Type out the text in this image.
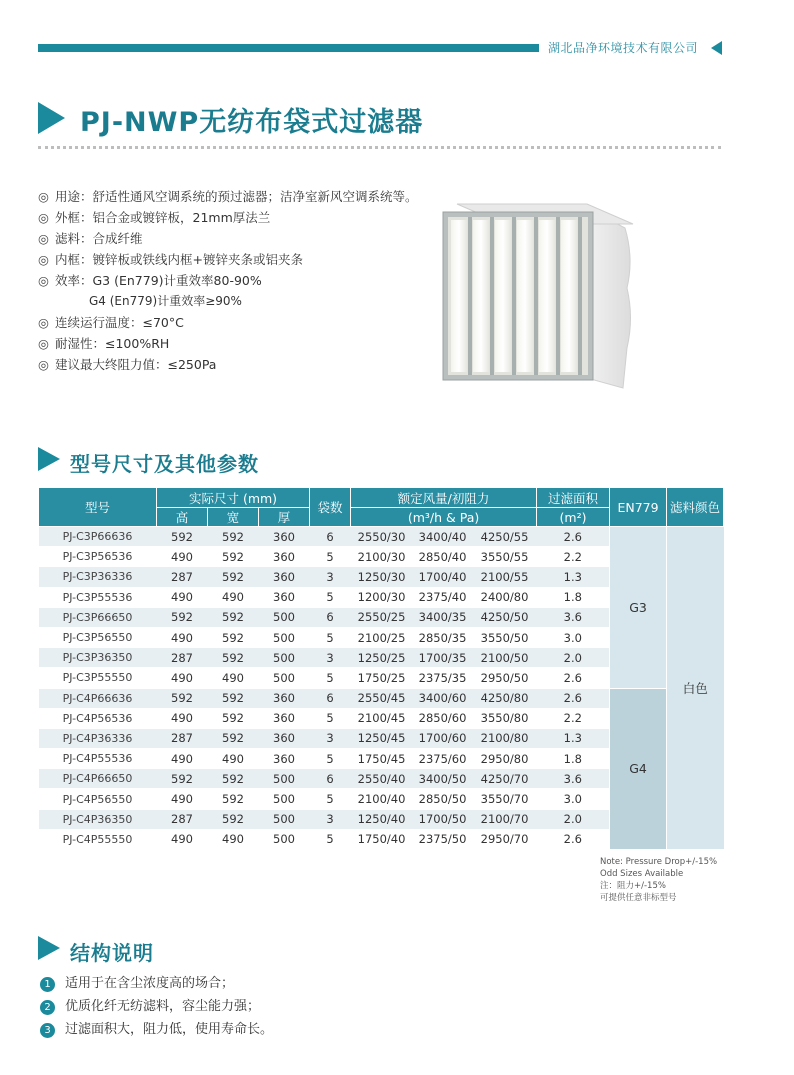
湖北品净环境技术有限公司
PJ-NWP无纺布袋式过滤器
◎ 用途：舒适性通风空调系统的预过滤器；洁净室新风空调系统等。
◎ 外框：铝合金或镀锌板，21mm厚法兰
◎ 滤料：合成纤维
◎ 内框：镀锌板或铁线内框+镀锌夹条或铝夹条
◎ 效率：G3 (En779)计重效率80-90%
G4 (En779)计重效率≥90%
◎ 连续运行温度：≤70°C
◎ 耐湿性：≤100%RH
◎ 建议最大终阻力值：≤250Pa
型号尺寸及其他参数
型号	实际尺寸 (mm)			袋数	额定风量/初阻力			过滤面积	EN779	滤料颜色
	高	宽	厚		(m³/h & Pa)			(m²)		
PJ-C3P66636	592	592	360	6	2550/30	3400/40	4250/55	2.6	G3	白色
PJ-C3P56536	490	592	360	5	2100/30	2850/40	3550/55	2.2		
PJ-C3P36336	287	592	360	3	1250/30	1700/40	2100/55	1.3		
PJ-C3P55536	490	490	360	5	1200/30	2375/40	2400/80	1.8		
PJ-C3P66650	592	592	500	6	2550/25	3400/35	4250/50	3.6		
PJ-C3P56550	490	592	500	5	2100/25	2850/35	3550/50	3.0		
PJ-C3P36350	287	592	500	3	1250/25	1700/35	2100/50	2.0		
PJ-C3P55550	490	490	500	5	1750/25	2375/35	2950/50	2.6		
PJ-C4P66636	592	592	360	6	2550/45	3400/60	4250/80	2.6	G4	
PJ-C4P56536	490	592	360	5	2100/45	2850/60	3550/80	2.2		
PJ-C4P36336	287	592	360	3	1250/45	1700/60	2100/80	1.3		
PJ-C4P55536	490	490	360	5	1750/45	2375/60	2950/80	1.8		
PJ-C4P66650	592	592	500	6	2550/40	3400/50	4250/70	3.6		
PJ-C4P56550	490	592	500	5	2100/40	2850/50	3550/70	3.0		
PJ-C4P36350	287	592	500	3	1250/40	1700/50	2100/70	2.0		
PJ-C4P55550	490	490	500	5	1750/40	2375/50	2950/70	2.6		
Note: Pressure Drop+/-15%
Odd Sizes Available
注：阻力+/-15%
可提供任意非标型号
结构说明
1 适用于在含尘浓度高的场合；
2 优质化纤无纺滤料，容尘能力强；
3 过滤面积大，阻力低，使用寿命长。
